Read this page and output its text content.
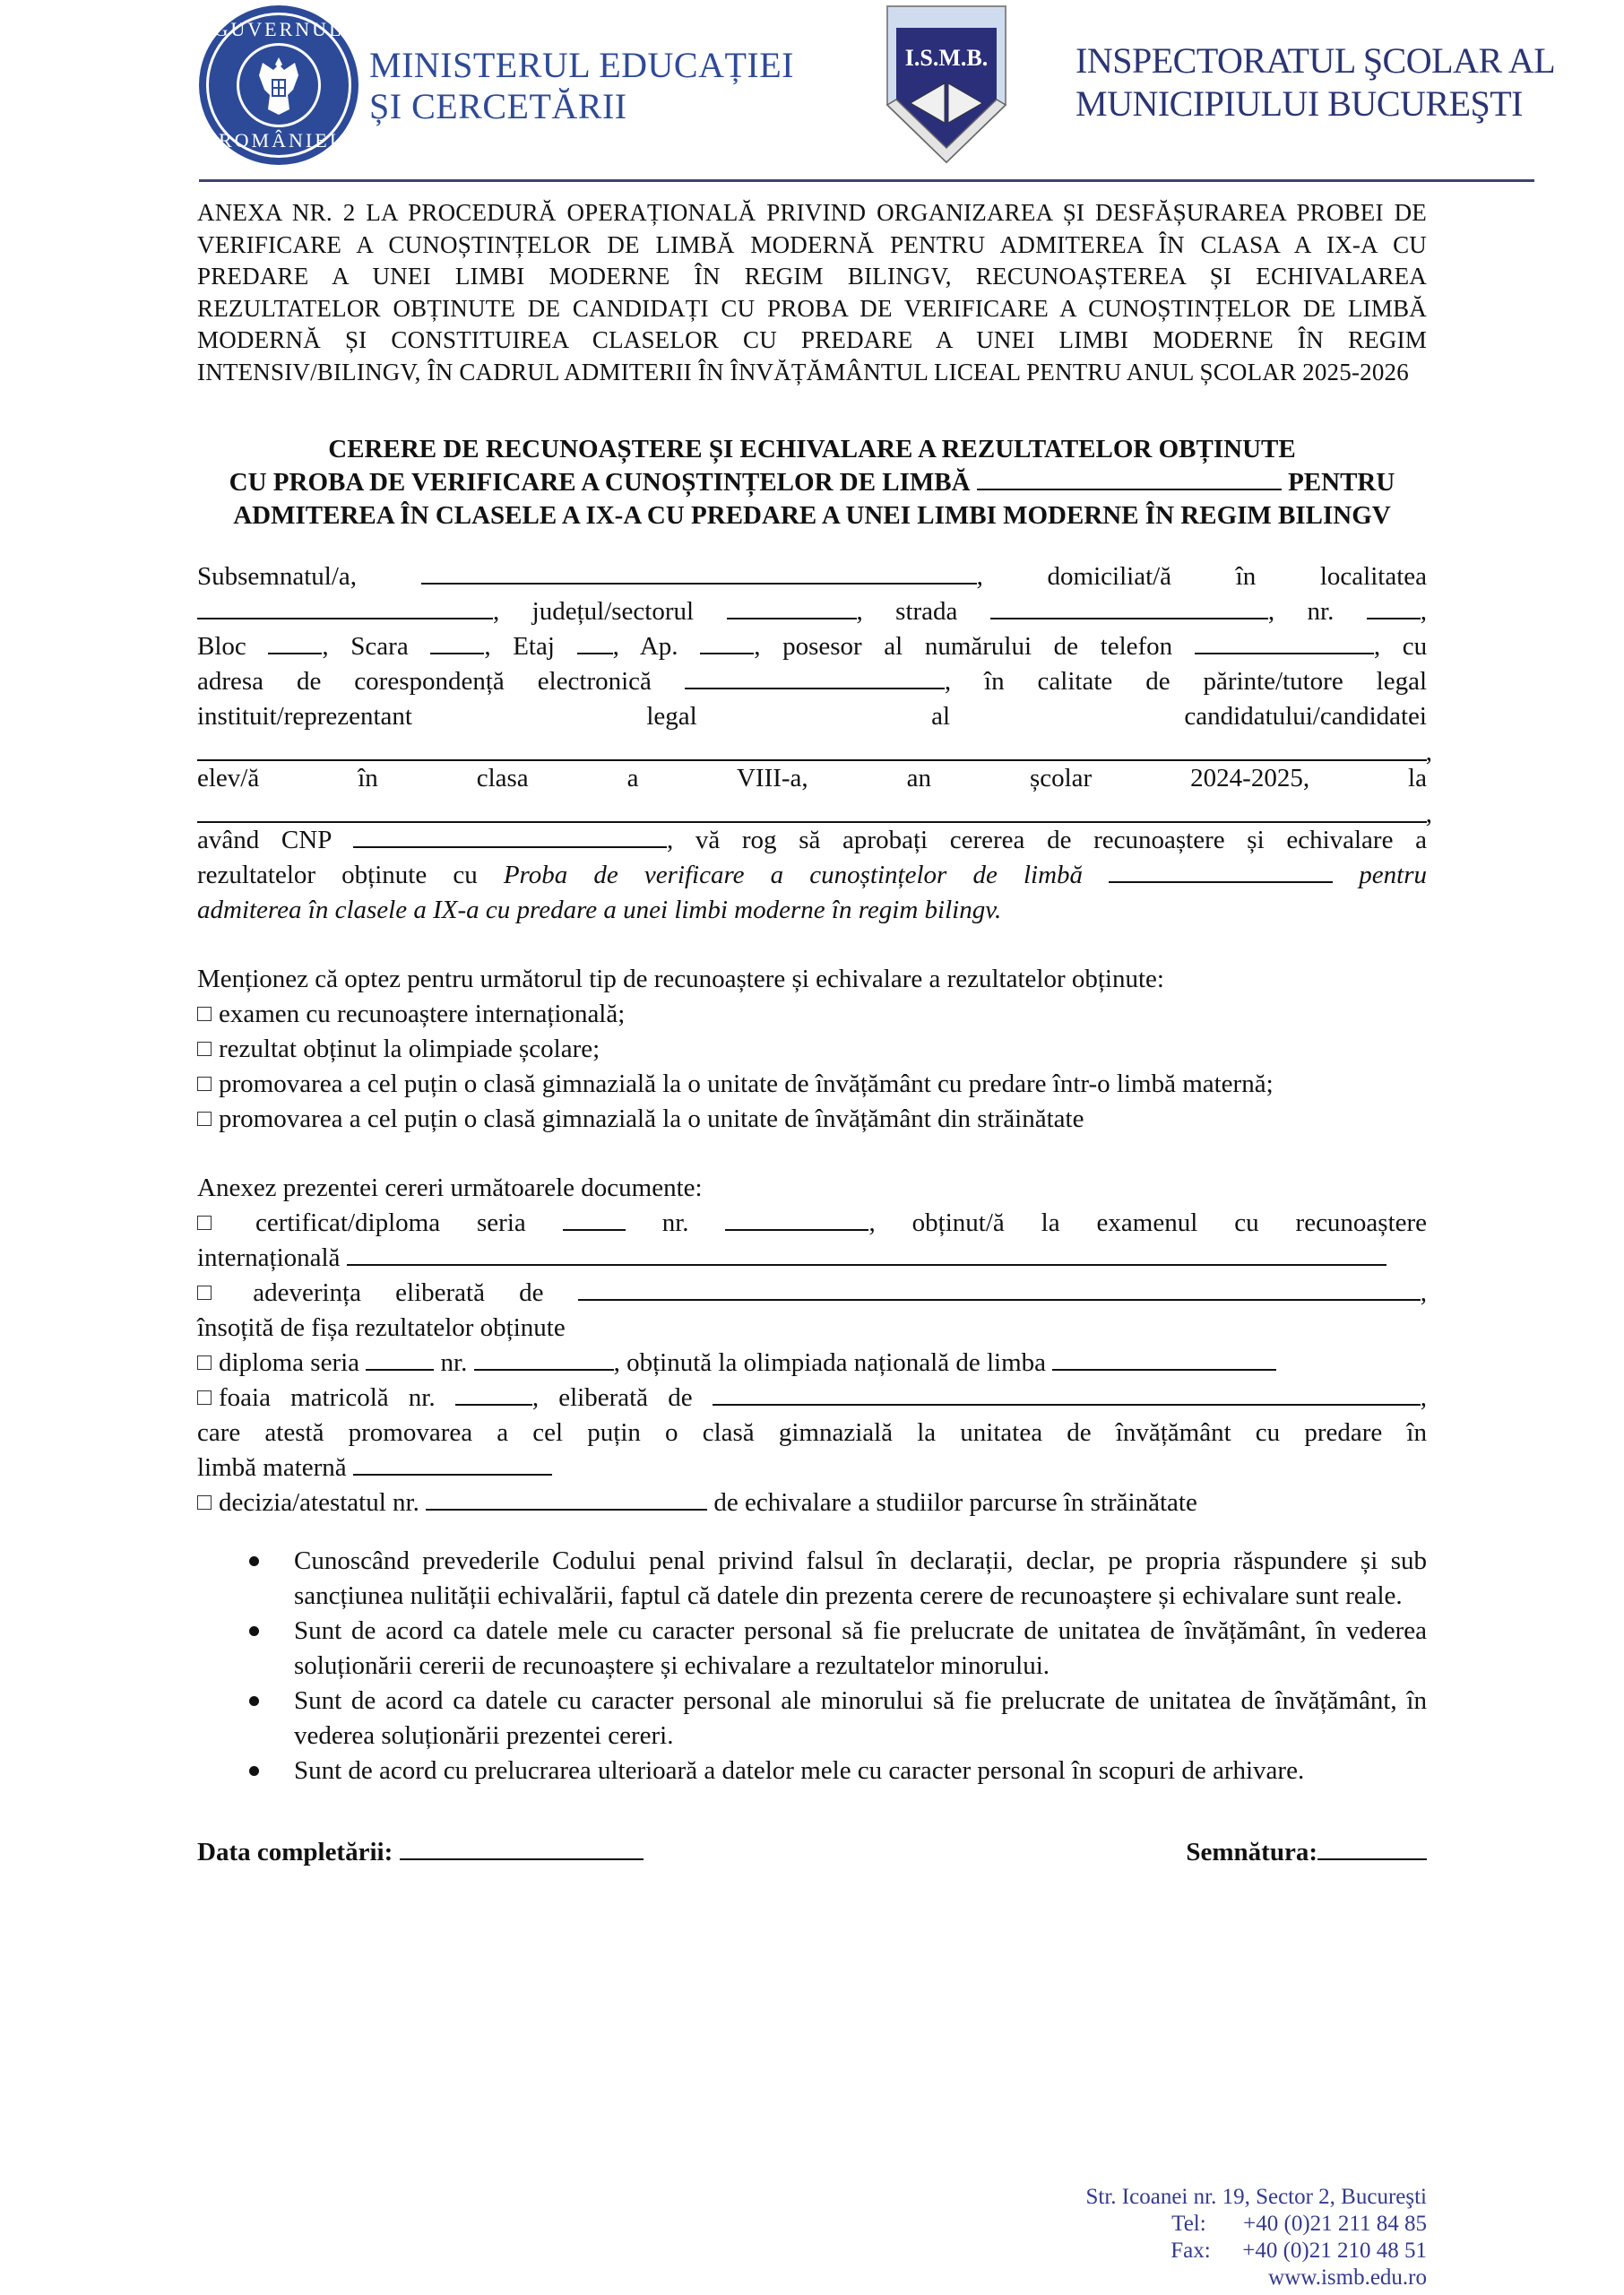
GUVERNUL
ROMÂNIEI
MINISTERUL EDUCAȚIEI
ȘI CERCETĂRII
I.S.M.B. INSPECTORATUL ŞCOLAR AL
MUNICIPIULUI BUCUREŞTI

ANEXA NR. 2 LA PROCEDURĂ OPERAȚIONALĂ PRIVIND ORGANIZAREA ȘI DESFĂȘURAREA PROBEI DE VERIFICARE A CUNOȘTINȚELOR DE LIMBĂ MODERNĂ PENTRU ADMITEREA ÎN CLASA A IX-A CU PREDARE A UNEI LIMBI MODERNE ÎN REGIM BILINGV, RECUNOAȘTEREA ȘI ECHIVALAREA REZULTATELOR OBȚINUTE DE CANDIDAȚI CU PROBA DE VERIFICARE A CUNOȘTINȚELOR DE LIMBĂ MODERNĂ ȘI CONSTITUIREA CLASELOR CU PREDARE A UNEI LIMBI MODERNE ÎN REGIM INTENSIV/BILINGV, ÎN CADRUL ADMITERII ÎN ÎNVĂȚĂMÂNTUL LICEAL PENTRU ANUL ȘCOLAR 2025-2026

CERERE DE RECUNOAȘTERE ȘI ECHIVALARE A REZULTATELOR OBȚINUTE
CU PROBA DE VERIFICARE A CUNOȘTINȚELOR DE LIMBĂ	PENTRU
ADMITEREA ÎN CLASELE A IX-A CU PREDARE A UNEI LIMBI MODERNE ÎN REGIM BILINGV
Subsemnatul/a,	, domiciliat/ă în localitatea
, județul/sectorul	, strada	, nr.	,
Bloc	, Scara	, Etaj , Ap.	, posesor al numărului de telefon	, cu
adresa de corespondență electronică	, în calitate de părinte/tutore legal
instituit/reprezentant legal al candidatului/candidatei
,
elev/ă în clasa a VIII-a, an școlar 2024-2025, la
,
având CNP	, vă rog să aprobați cererea de recunoaștere și echivalare a
rezultatelor obținute cu Proba de verificare a cunoștințelor de limbă	pentru
admiterea în clasele a IX-a cu predare a unei limbi moderne în regim bilingv.
Menționez că optez pentru următorul tip de recunoaștere și echivalare a rezultatelor obținute:
examen cu recunoaștere internațională;
rezultat obținut la olimpiade școlare;
promovarea a cel puțin o clasă gimnazială la o unitate de învățământ cu predare într-o limbă maternă;
promovarea a cel puțin o clasă gimnazială la o unitate de învățământ din străinătate
Anexez prezentei cereri următoarele documente:
certificat/diploma seria	nr.	, obținut/ă la examenul cu recunoaștere
internațională
adeverința eliberată de	,
însoțită de fișa rezultatelor obținute
diploma seria	nr.	, obținută la olimpiada națională de limba
foaia matricolă nr.	, eliberată de	,
care atestă promovarea a cel puțin o clasă gimnazială la unitatea de învățământ cu predare în
limbă maternă
decizia/atestatul nr.	de echivalare a studiilor parcurse în străinătate
Cunoscând prevederile Codului penal privind falsul în declarații, declar, pe propria răspundere și sub sancțiunea nulității echivalării, faptul că datele din prezenta cerere de recunoaștere și echivalare sunt reale.
Sunt de acord ca datele mele cu caracter personal să fie prelucrate de unitatea de învățământ, în vederea soluționării cererii de recunoaștere și echivalare a rezultatelor minorului.
Sunt de acord ca datele cu caracter personal ale minorului să fie prelucrate de unitatea de învățământ, în vederea soluționării prezentei cereri.
Sunt de acord cu prelucrarea ulterioară a datelor mele cu caracter personal în scopuri de arhivare.
Data completării:	Semnătura:
Str. Icoanei nr. 19, Sector 2, Bucureşti
Tel:	+40 (0)21 211 84 85
Fax:	+40 (0)21 210 48 51
www.ismb.edu.ro
